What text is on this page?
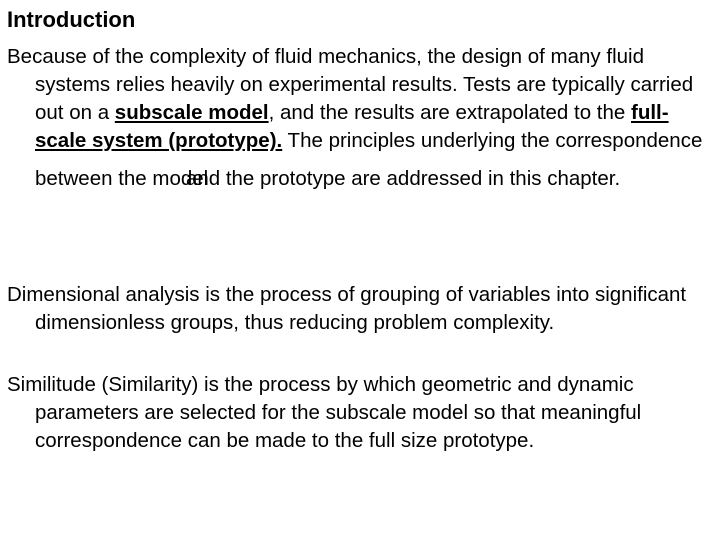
Introduction
Because of the complexity of fluid mechanics, the design of many fluid systems relies heavily on experimental results. Tests are typically carried out on a subscale model, and the results are extrapolated to the full-scale system (prototype). The principles underlying the correspondence between the model and the prototype are addressed in this chapter.
Dimensional analysis is the process of grouping of variables into significant dimensionless groups, thus reducing problem complexity.
Similitude (Similarity) is the process by which geometric and dynamic parameters are selected for the subscale model so that meaningful correspondence can be made to the full size prototype.
